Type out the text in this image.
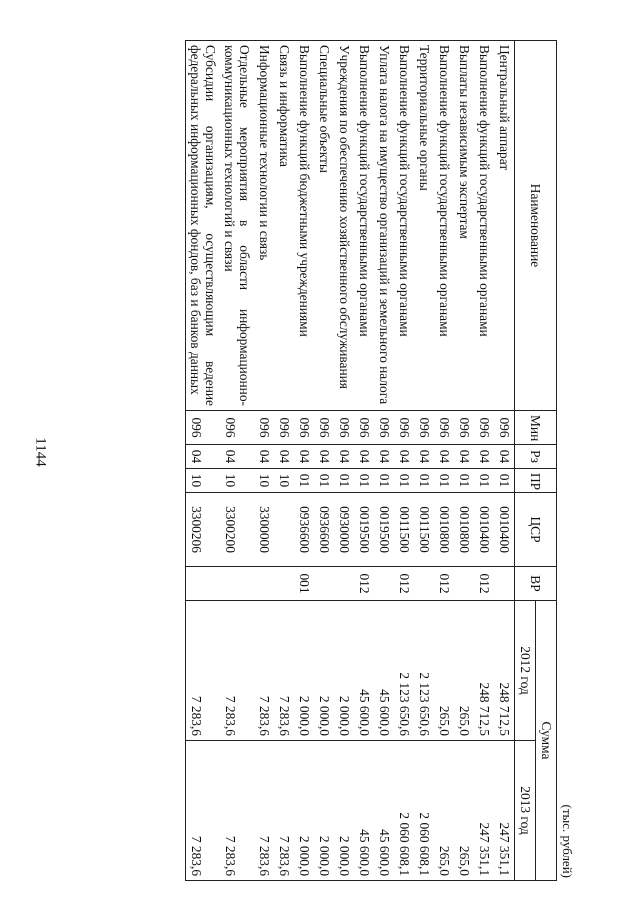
1144
(тыс. рублей)
Наименование	Мин	Рз	ПР	ЦСР	ВР	Сумма	
						2012 год	2013 год
Центральный аппарат	096	04	01	0010400		248 712,5	247 351,1
Выполнение функций государственными органами	096	04	01	0010400	012	248 712,5	247 351,1
Выплаты независимым экспертам	096	04	01	0010800		265,0	265,0
Выполнение функций государственными органами	096	04	01	0010800	012	265,0	265,0
Территориальные органы	096	04	01	0011500		2 123 650,6	2 060 608,1
Выполнение функций государственными органами	096	04	01	0011500	012	2 123 650,6	2 060 608,1
Уплата налога на имущество организаций и земельного налога	096	04	01	0019500		45 600,0	45 600,0
Выполнение функций государственными органами	096	04	01	0019500	012	45 600,0	45 600,0
Учреждения по обеспечению хозяйственного обслуживания	096	04	01	0930000		2 000,0	2 000,0
Специальные объекты	096	04	01	0936600		2 000,0	2 000,0
Выполнение функций бюджетными учреждениями	096	04	01	0936600	001	2 000,0	2 000,0
Связь и информатика	096	04	10			7 283,6	7 283,6
Информационные технологии и связь	096	04	10	3300000		7 283,6	7 283,6
Отдельные мероприятия в области информационно-коммуникационных технологий и связи	096	04	10	3300200		7 283,6	7 283,6
Субсидии организациям, осуществляющим ведение федеральных информационных фондов, баз и банков данных	096	04	10	3300206		7 283,6	7 283,6
